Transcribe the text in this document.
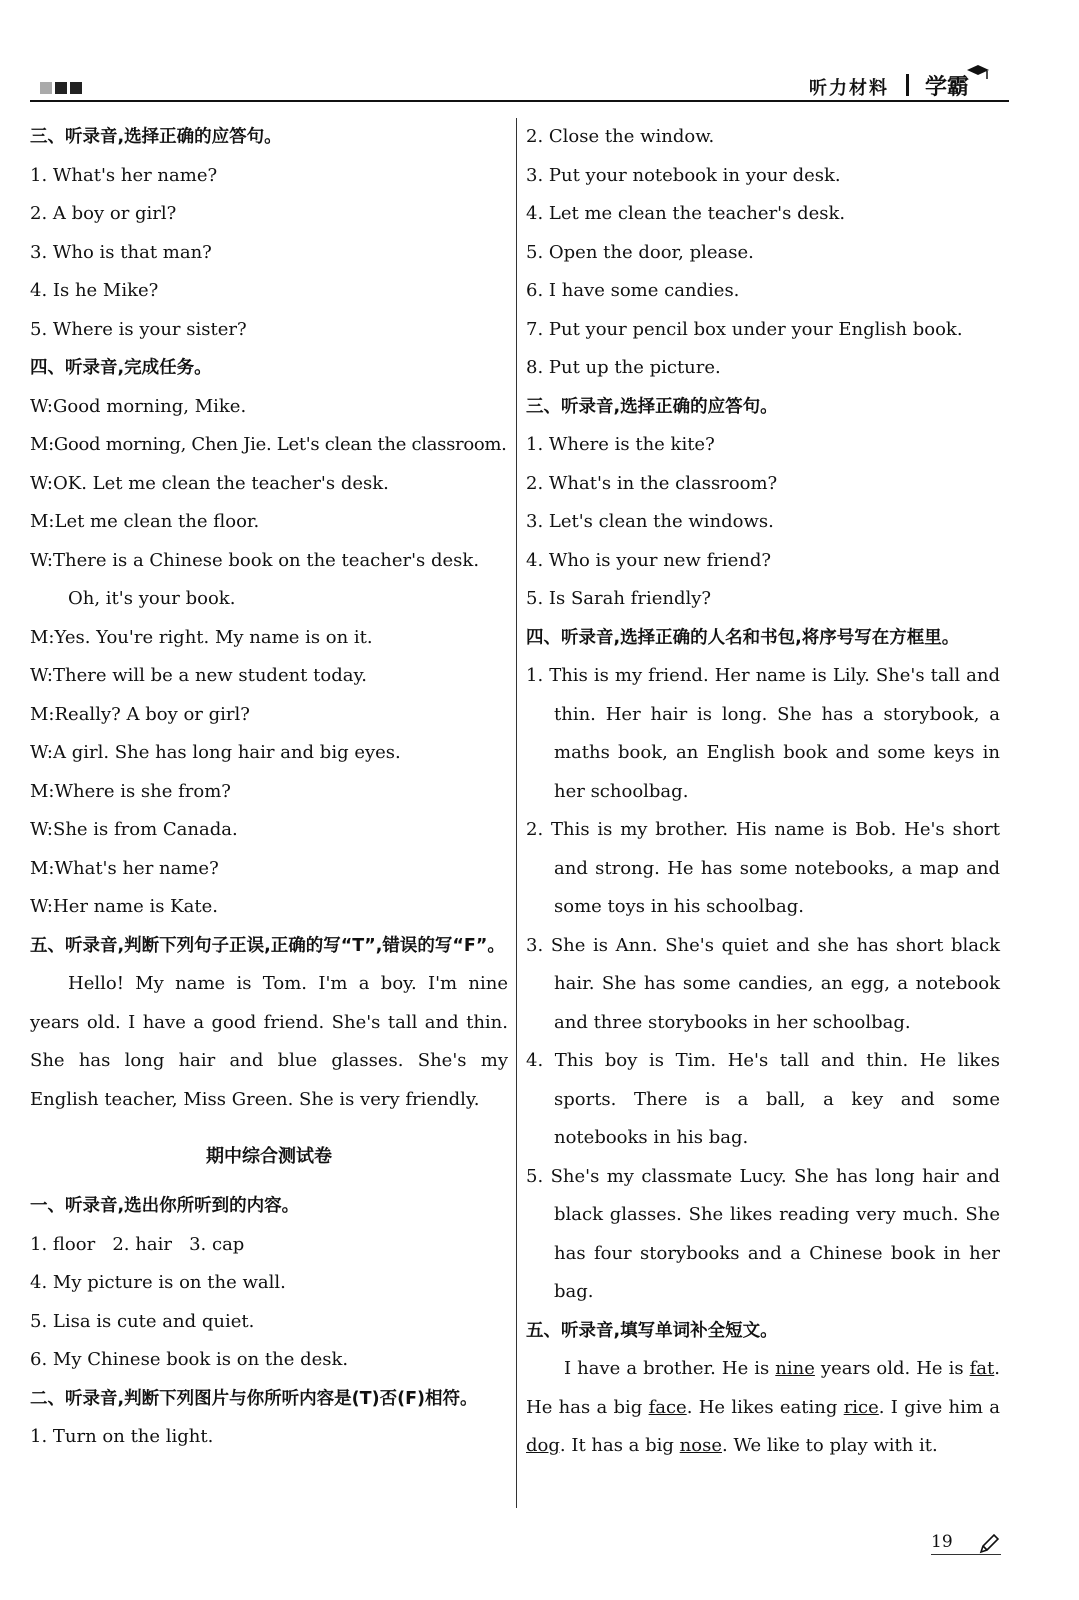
听力材料 学霸
三、听录音,选择正确的应答句。
1. What's her name?
2. A boy or girl?
3. Who is that man?
4. Is he Mike?
5. Where is your sister?
四、听录音,完成任务。
W:Good morning, Mike.
M:Good morning, Chen Jie. Let's clean the classroom.
W:OK. Let me clean the teacher's desk.
M:Let me clean the floor.
W:There is a Chinese book on the teacher's desk.
Oh, it's your book.
M:Yes. You're right. My name is on it.
W:There will be a new student today.
M:Really? A boy or girl?
W:A girl. She has long hair and big eyes.
M:Where is she from?
W:She is from Canada.
M:What's her name?
W:Her name is Kate.
五、听录音,判断下列句子正误,正确的写“T”,错误的写“F”。
Hello! My name is Tom. I'm a boy. I'm nine years old. I have a good friend. She's tall and thin. She has long hair and blue glasses. She's my English teacher, Miss Green. She is very friendly.
期中综合测试卷
一、听录音,选出你所听到的内容。
1. floor   2. hair   3. cap
4. My picture is on the wall.
5. Lisa is cute and quiet.
6. My Chinese book is on the desk.
二、听录音,判断下列图片与你所听内容是(T)否(F)相符。
1. Turn on the light.
2. Close the window.
3. Put your notebook in your desk.
4. Let me clean the teacher's desk.
5. Open the door, please.
6. I have some candies.
7. Put your pencil box under your English book.
8. Put up the picture.
三、听录音,选择正确的应答句。
1. Where is the kite?
2. What's in the classroom?
3. Let's clean the windows.
4. Who is your new friend?
5. Is Sarah friendly?
四、听录音,选择正确的人名和书包,将序号写在方框里。
1. This is my friend. Her name is Lily. She's tall and thin. Her hair is long. She has a storybook, a maths book, an English book and some keys in her schoolbag.
2. This is my brother. His name is Bob. He's short and strong. He has some notebooks, a map and some toys in his schoolbag.
3. She is Ann. She's quiet and she has short black hair. She has some candies, an egg, a notebook and three storybooks in her schoolbag.
4. This boy is Tim. He's tall and thin. He likes sports. There is a ball, a key and some notebooks in his bag.
5. She's my classmate Lucy. She has long hair and black glasses. She likes reading very much. She has four storybooks and a Chinese book in her bag.
五、听录音,填写单词补全短文。
I have a brother. He is nine years old. He is fat. He has a big face. He likes eating rice. I give him a dog. It has a big nose. We like to play with it.
19
